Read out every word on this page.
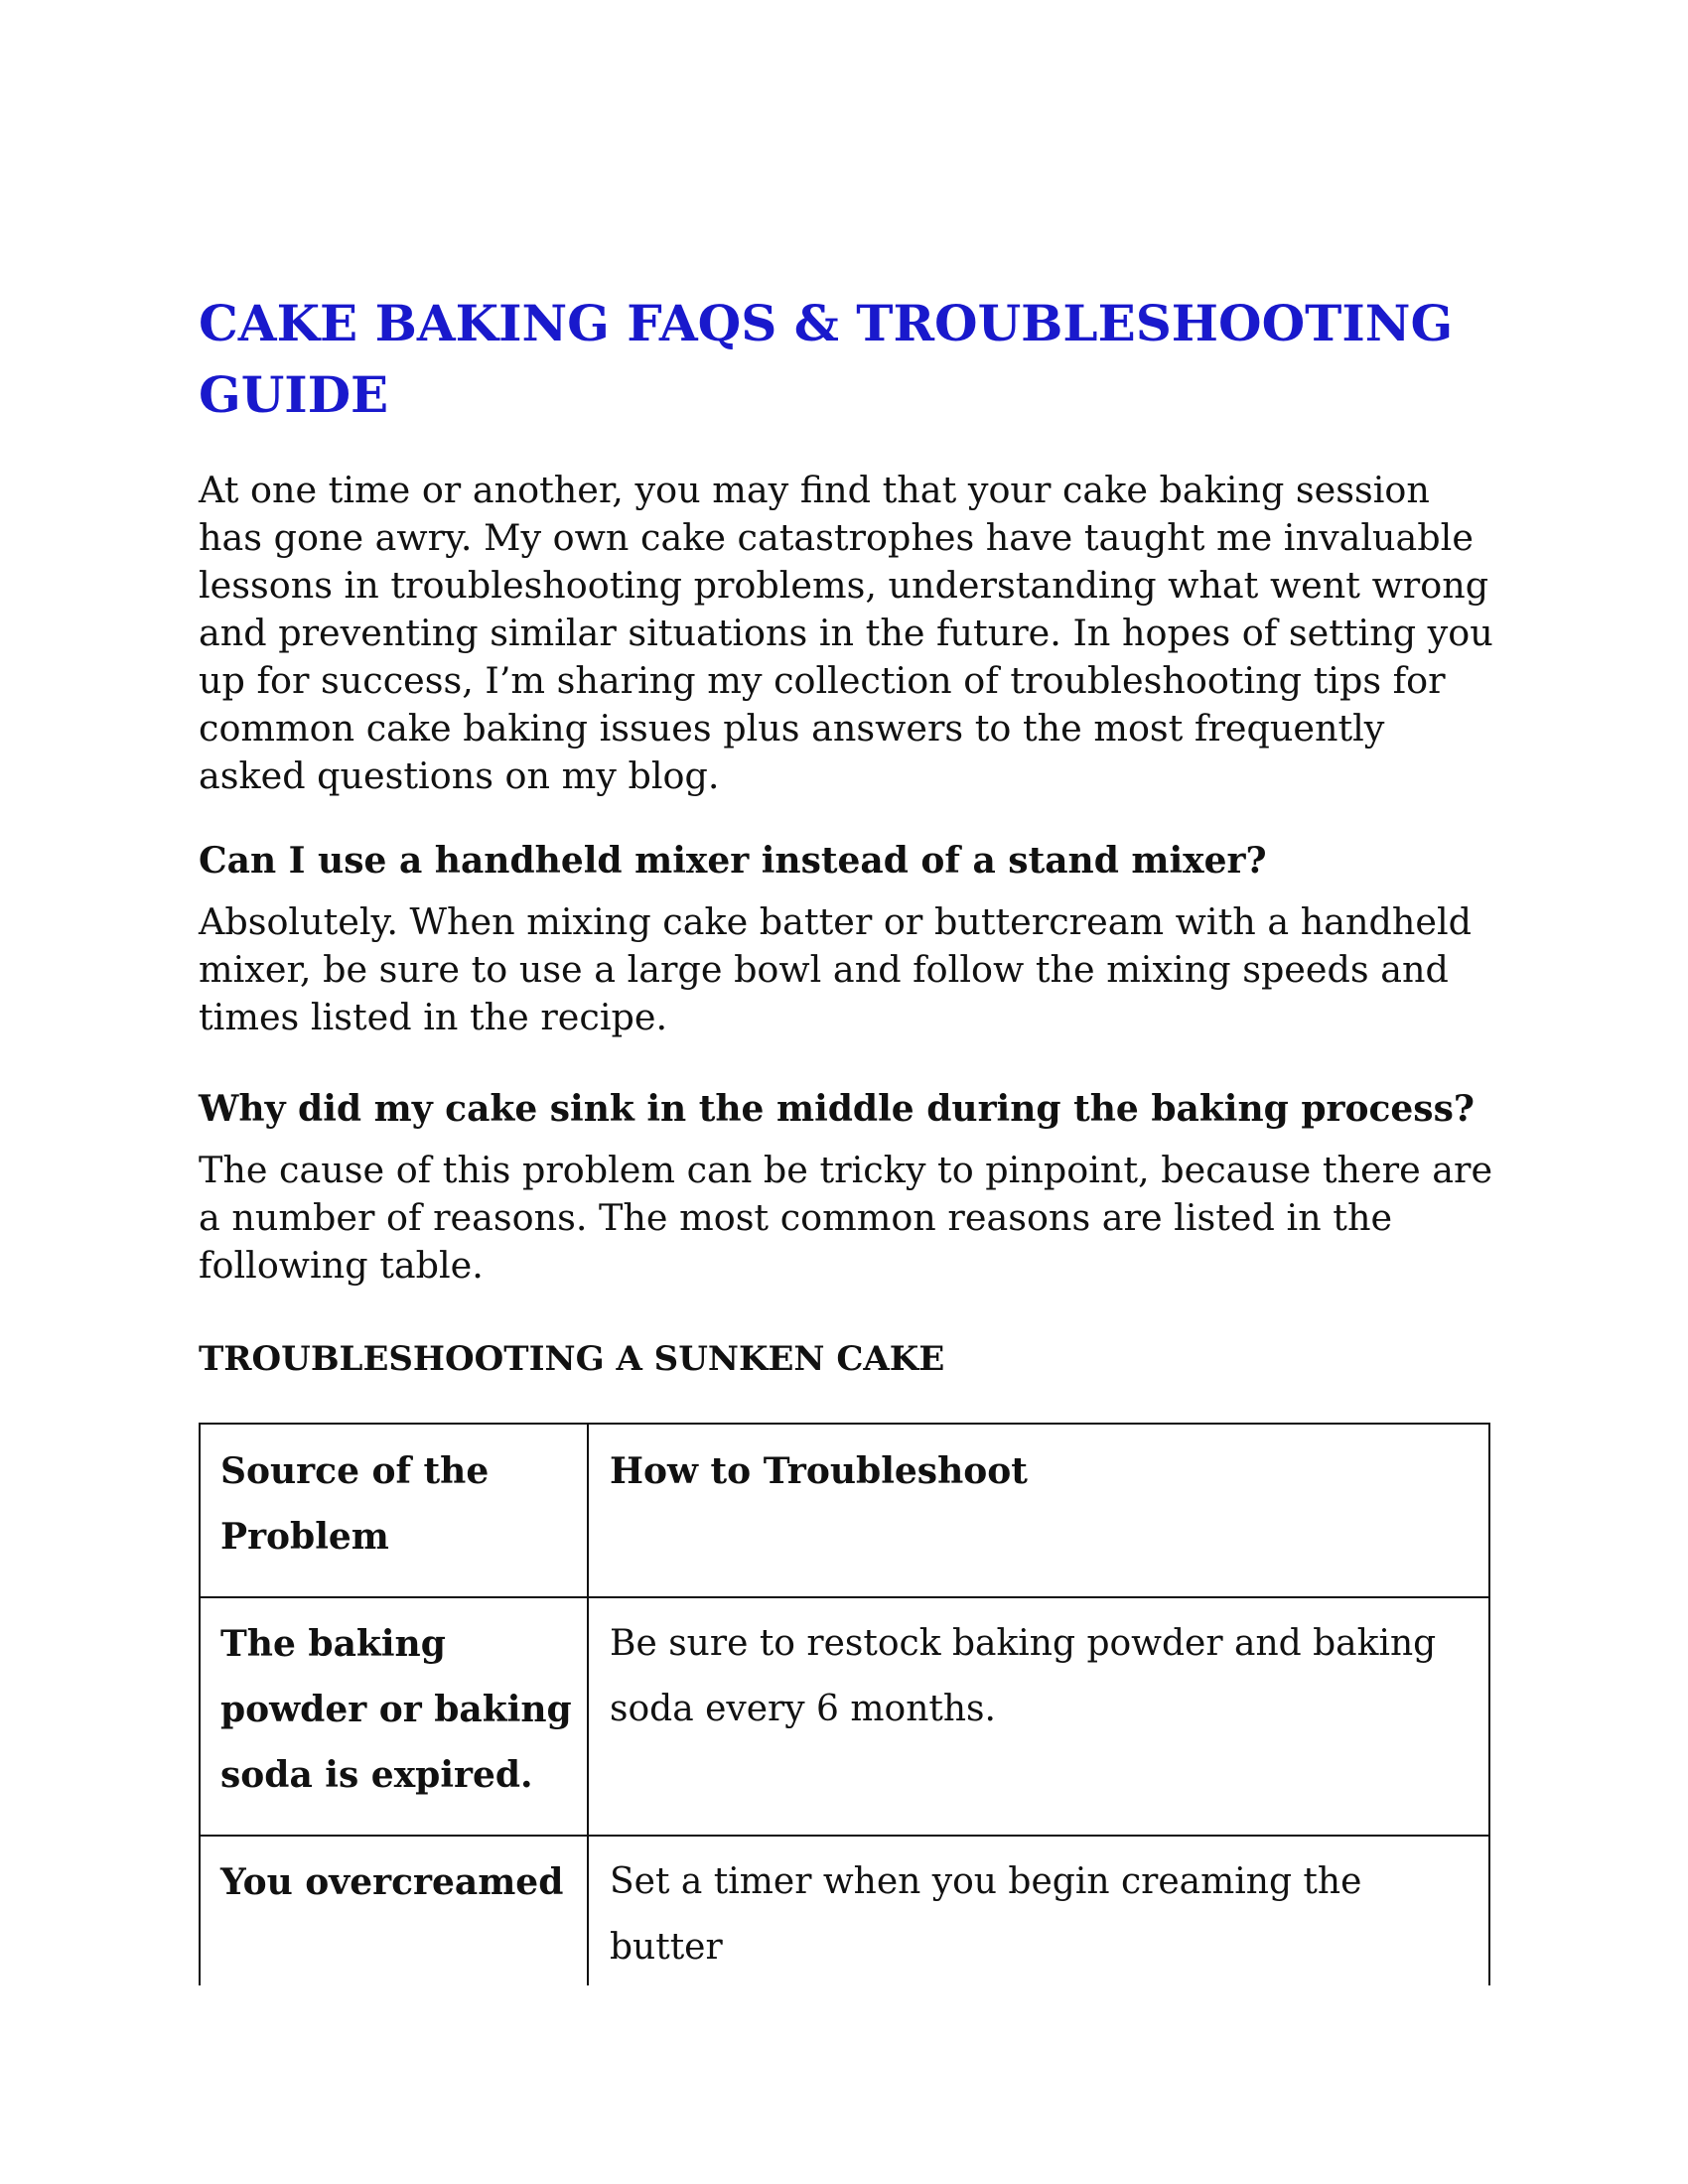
CAKE BAKING FAQS & TROUBLESHOOTING GUIDE

At one time or another, you may find that your cake baking session has gone awry. My own cake catastrophes have taught me invaluable lessons in troubleshooting problems, understanding what went wrong and preventing similar situations in the future. In hopes of setting you up for success, I’m sharing my collection of troubleshooting tips for common cake baking issues plus answers to the most frequently asked questions on my blog.

Can I use a handheld mixer instead of a stand mixer?

Absolutely. When mixing cake batter or buttercream with a handheld mixer, be sure to use a large bowl and follow the mixing speeds and times listed in the recipe.

Why did my cake sink in the middle during the baking process?

The cause of this problem can be tricky to pinpoint, because there are a number of reasons. The most common reasons are listed in the following table.

TROUBLESHOOTING A SUNKEN CAKE
Source of the Problem
How to Troubleshoot
The baking powder or baking soda is expired.
Be sure to restock baking powder and baking soda every 6 months.
You overcreamed Set a timer when you begin creaming the butter
